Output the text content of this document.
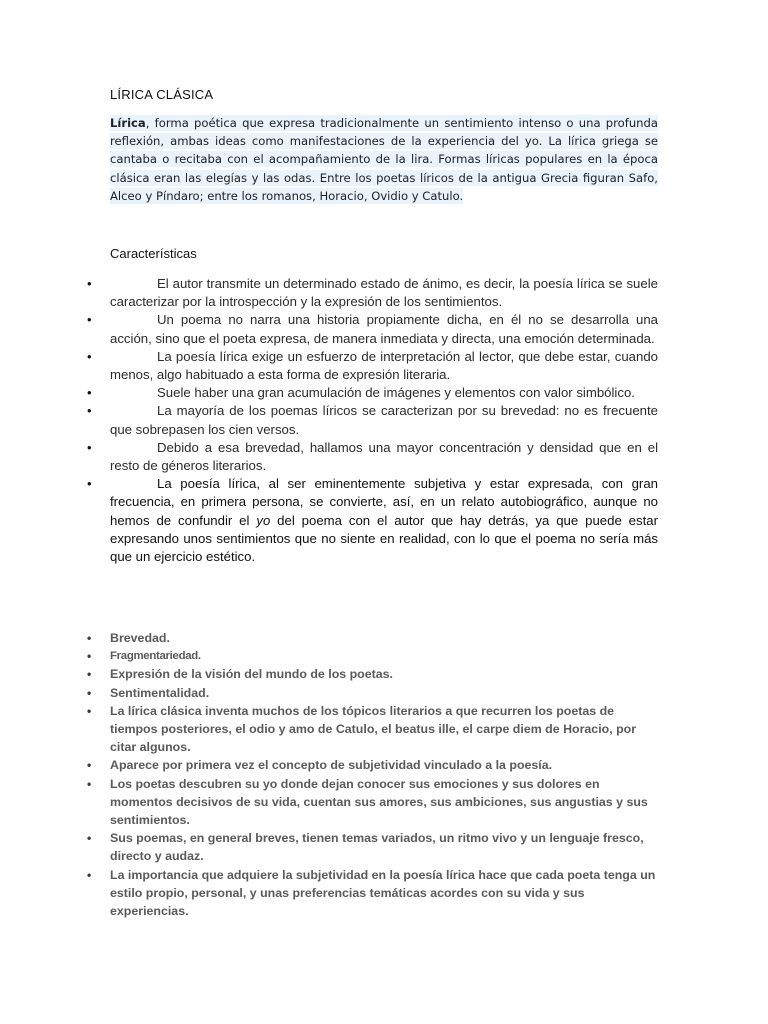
LÍRICA CLÁSICA
Lírica, forma poética que expresa tradicionalmente un sentimiento intenso o una profunda reflexión, ambas ideas como manifestaciones de la experiencia del yo. La lírica griega se cantaba o recitaba con el acompañamiento de la lira. Formas líricas populares en la época clásica eran las elegías y las odas. Entre los poetas líricos de la antigua Grecia figuran Safo, Alceo y Píndaro; entre los romanos, Horacio, Ovidio y Catulo.
Características
•	El autor transmite un determinado estado de ánimo, es decir, la poesía lírica se suele caracterizar por la introspección y la expresión de los sentimientos.
•	Un poema no narra una historia propiamente dicha, en él no se desarrolla una acción, sino que el poeta expresa, de manera inmediata y directa, una emoción determinada.
•	La poesía lírica exige un esfuerzo de interpretación al lector, que debe estar, cuando menos, algo habituado a esta forma de expresión literaria.
•	Suele haber una gran acumulación de imágenes y elementos con valor simbólico.
•	La mayoría de los poemas líricos se caracterizan por su brevedad: no es frecuente que sobrepasen los cien versos.
•	Debido a esa brevedad, hallamos una mayor concentración y densidad que en el resto de géneros literarios.
•	La poesía lírica, al ser eminentemente subjetiva y estar expresada, con gran frecuencia, en primera persona, se convierte, así, en un relato autobiográfico, aunque no hemos de confundir el yo del poema con el autor que hay detrás, ya que puede estar expresando unos sentimientos que no siente en realidad, con lo que el poema no sería más que un ejercicio estético.
• Brevedad.
• Fragmentariedad.
• Expresión de la visión del mundo de los poetas.
• Sentimentalidad.
• La lírica clásica inventa muchos de los tópicos literarios a que recurren los poetas de tiempos posteriores, el odio y amo de Catulo, el beatus ille, el carpe diem de Horacio, por citar algunos.
• Aparece por primera vez el concepto de subjetividad vinculado a la poesía.
• Los poetas descubren su yo donde dejan conocer sus emociones y sus dolores en momentos decisivos de su vida, cuentan sus amores, sus ambiciones, sus angustias y sus sentimientos.
• Sus poemas, en general breves, tienen temas variados, un ritmo vivo y un lenguaje fresco, directo y audaz.
• La importancia que adquiere la subjetividad en la poesía lírica hace que cada poeta tenga un estilo propio, personal, y unas preferencias temáticas acordes con su vida y sus experiencias.
